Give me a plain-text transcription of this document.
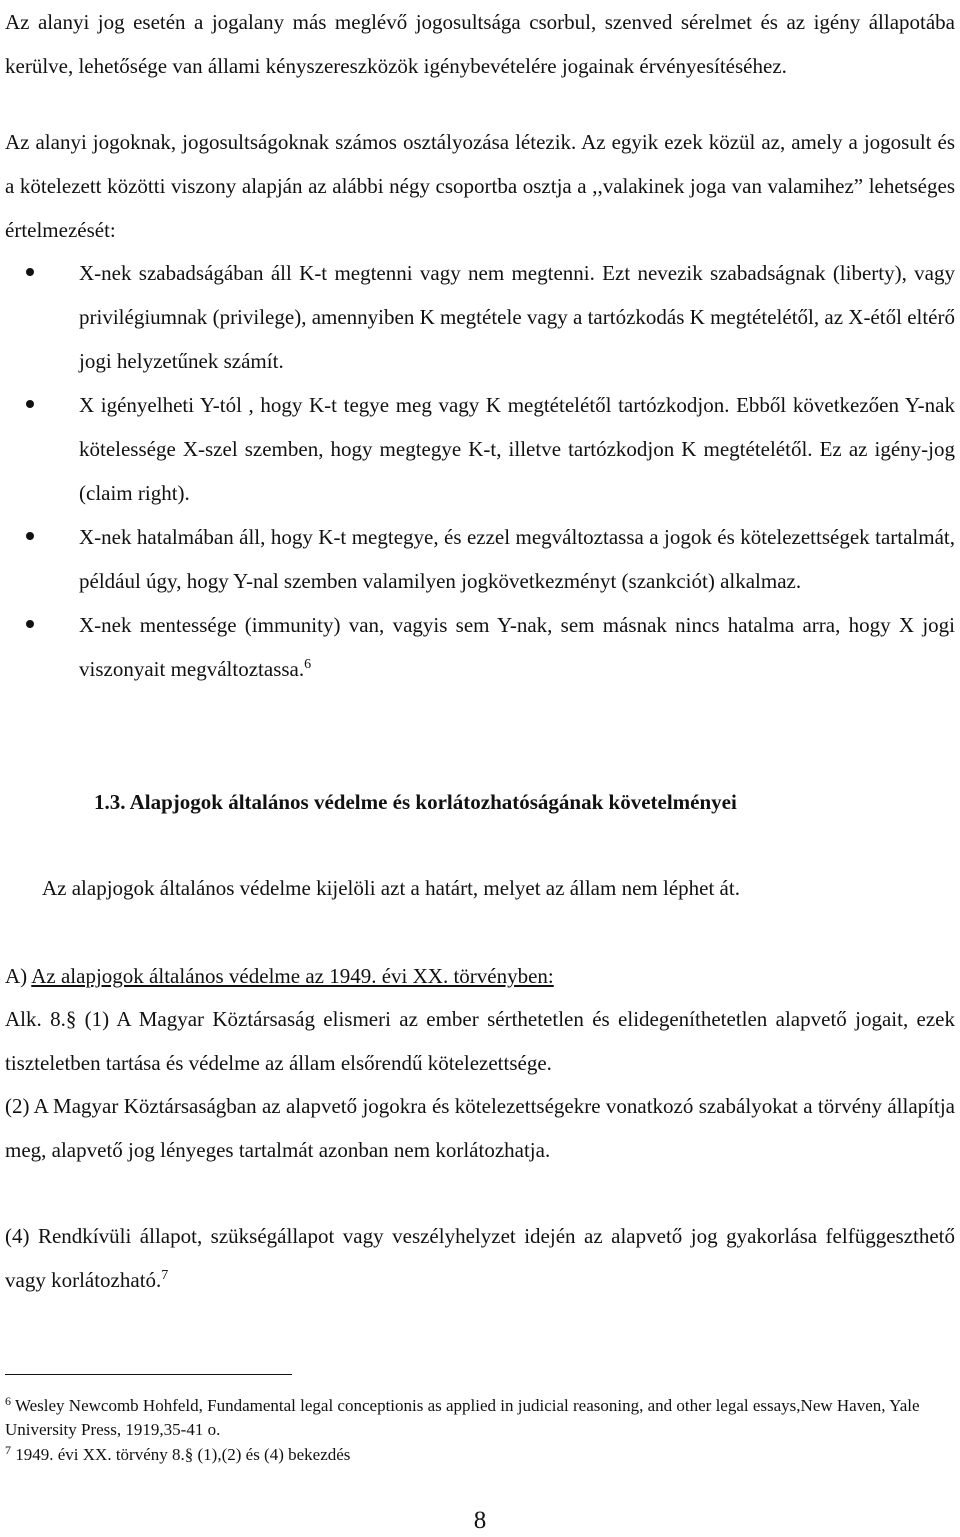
Az alanyi jog esetén a jogalany más meglévő jogosultsága csorbul, szenved sérelmet és az igény állapotába kerülve, lehetősége van állami kényszereszközök igénybevételére jogainak érvényesítéséhez.

Az alanyi jogoknak, jogosultságoknak számos osztályozása létezik. Az egyik ezek közül az, amely a jogosult és a kötelezett közötti viszony alapján az alábbi négy csoportba osztja a ,,valakinek joga van valamihez” lehetséges értelmezését:

X-nek szabadságában áll K-t megtenni vagy nem megtenni. Ezt nevezik szabadságnak (liberty), vagy privilégiumnak (privilege), amennyiben K megtétele vagy a tartózkodás K megtételétől, az X-étől eltérő jogi helyzetűnek számít.
X igényelheti Y-tól , hogy K-t tegye meg vagy K megtételétől tartózkodjon. Ebből következően Y-nak kötelessége X-szel szemben, hogy megtegye K-t, illetve tartózkodjon K megtételétől. Ez az igény-jog (claim right).
X-nek hatalmában áll, hogy K-t megtegye, és ezzel megváltoztassa a jogok és kötelezettségek tartalmát, például úgy, hogy Y-nal szemben valamilyen jogkövetkezményt (szankciót) alkalmaz.
X-nek mentessége (immunity) van, vagyis sem Y-nak, sem másnak nincs hatalma arra, hogy X jogi viszonyait megváltoztassa.$^6$
1.3. Alapjogok általános védelme és korlátozhatóságának követelményei

Az alapjogok általános védelme kijelöli azt a határt, melyet az állam nem léphet át.

A) Az alapjogok általános védelme az 1949. évi XX. törvényben:

Alk. 8.§ (1) A Magyar Köztársaság elismeri az ember sérthetetlen és elidegeníthetetlen alapvető jogait, ezek tiszteletben tartása és védelme az állam elsőrendű kötelezettsége.

(2) A Magyar Köztársaságban az alapvető jogokra és kötelezettségekre vonatkozó szabályokat a törvény állapítja meg, alapvető jog lényeges tartalmát azonban nem korlátozhatja.

(4) Rendkívüli állapot, szükségállapot vagy veszélyhelyzet idején az alapvető jog gyakorlása felfüggeszthető vagy korlátozható.$^7$

$^6$ Wesley Newcomb Hohfeld, Fundamental legal conceptionis as applied in judicial reasoning, and other legal essays,New Haven, Yale University Press, 1919,35-41 o.

$^7$ 1949. évi XX. törvény 8.§ (1),(2) és (4) bekezdés

8
